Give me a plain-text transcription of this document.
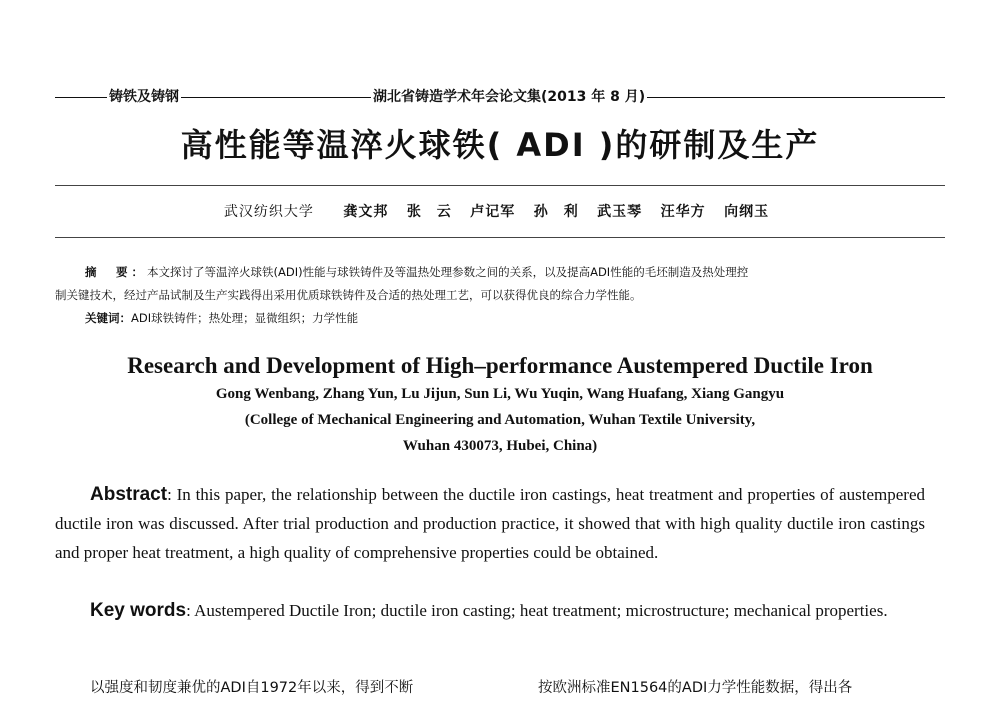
铸铁及铸钢	湖北省铸造学术年会论文集(2013 年 8 月)
高性能等温淬火球铁( ADI )的研制及生产
武汉纺织大学 龚文邦 张　云 卢记军 孙　利 武玉琴 汪华方 向纲玉
摘　要：本文探讨了等温淬火球铁(ADI)性能与球铁铸件及等温热处理参数之间的关系，以及提高ADI性能的毛坯制造及热处理控
制关键技术，经过产品试制及生产实践得出采用优质球铁铸件及合适的热处理工艺，可以获得优良的综合力学性能。
关键词：ADI球铁铸件；热处理；显微组织；力学性能
Research and Development of High–performance Austempered Ductile Iron
Gong Wenbang, Zhang Yun, Lu Jijun, Sun Li, Wu Yuqin, Wang Huafang, Xiang Gangyu
(College of Mechanical Engineering and Automation, Wuhan Textile University,
Wuhan 430073, Hubei, China)
Abstract: In this paper, the relationship between the ductile iron castings, heat treatment and properties of austempered ductile iron was discussed. After trial production and production practice, it showed that with high quality ductile iron castings and proper heat treatment, a high quality of comprehensive properties could be obtained.
Key words: Austempered Ductile Iron; ductile iron casting; heat treatment; microstructure; mechanical properties.
以强度和韧度兼优的ADI自1972年以来，得到不断	按欧洲标准EN1564的ADI力学性能数据，得出各
